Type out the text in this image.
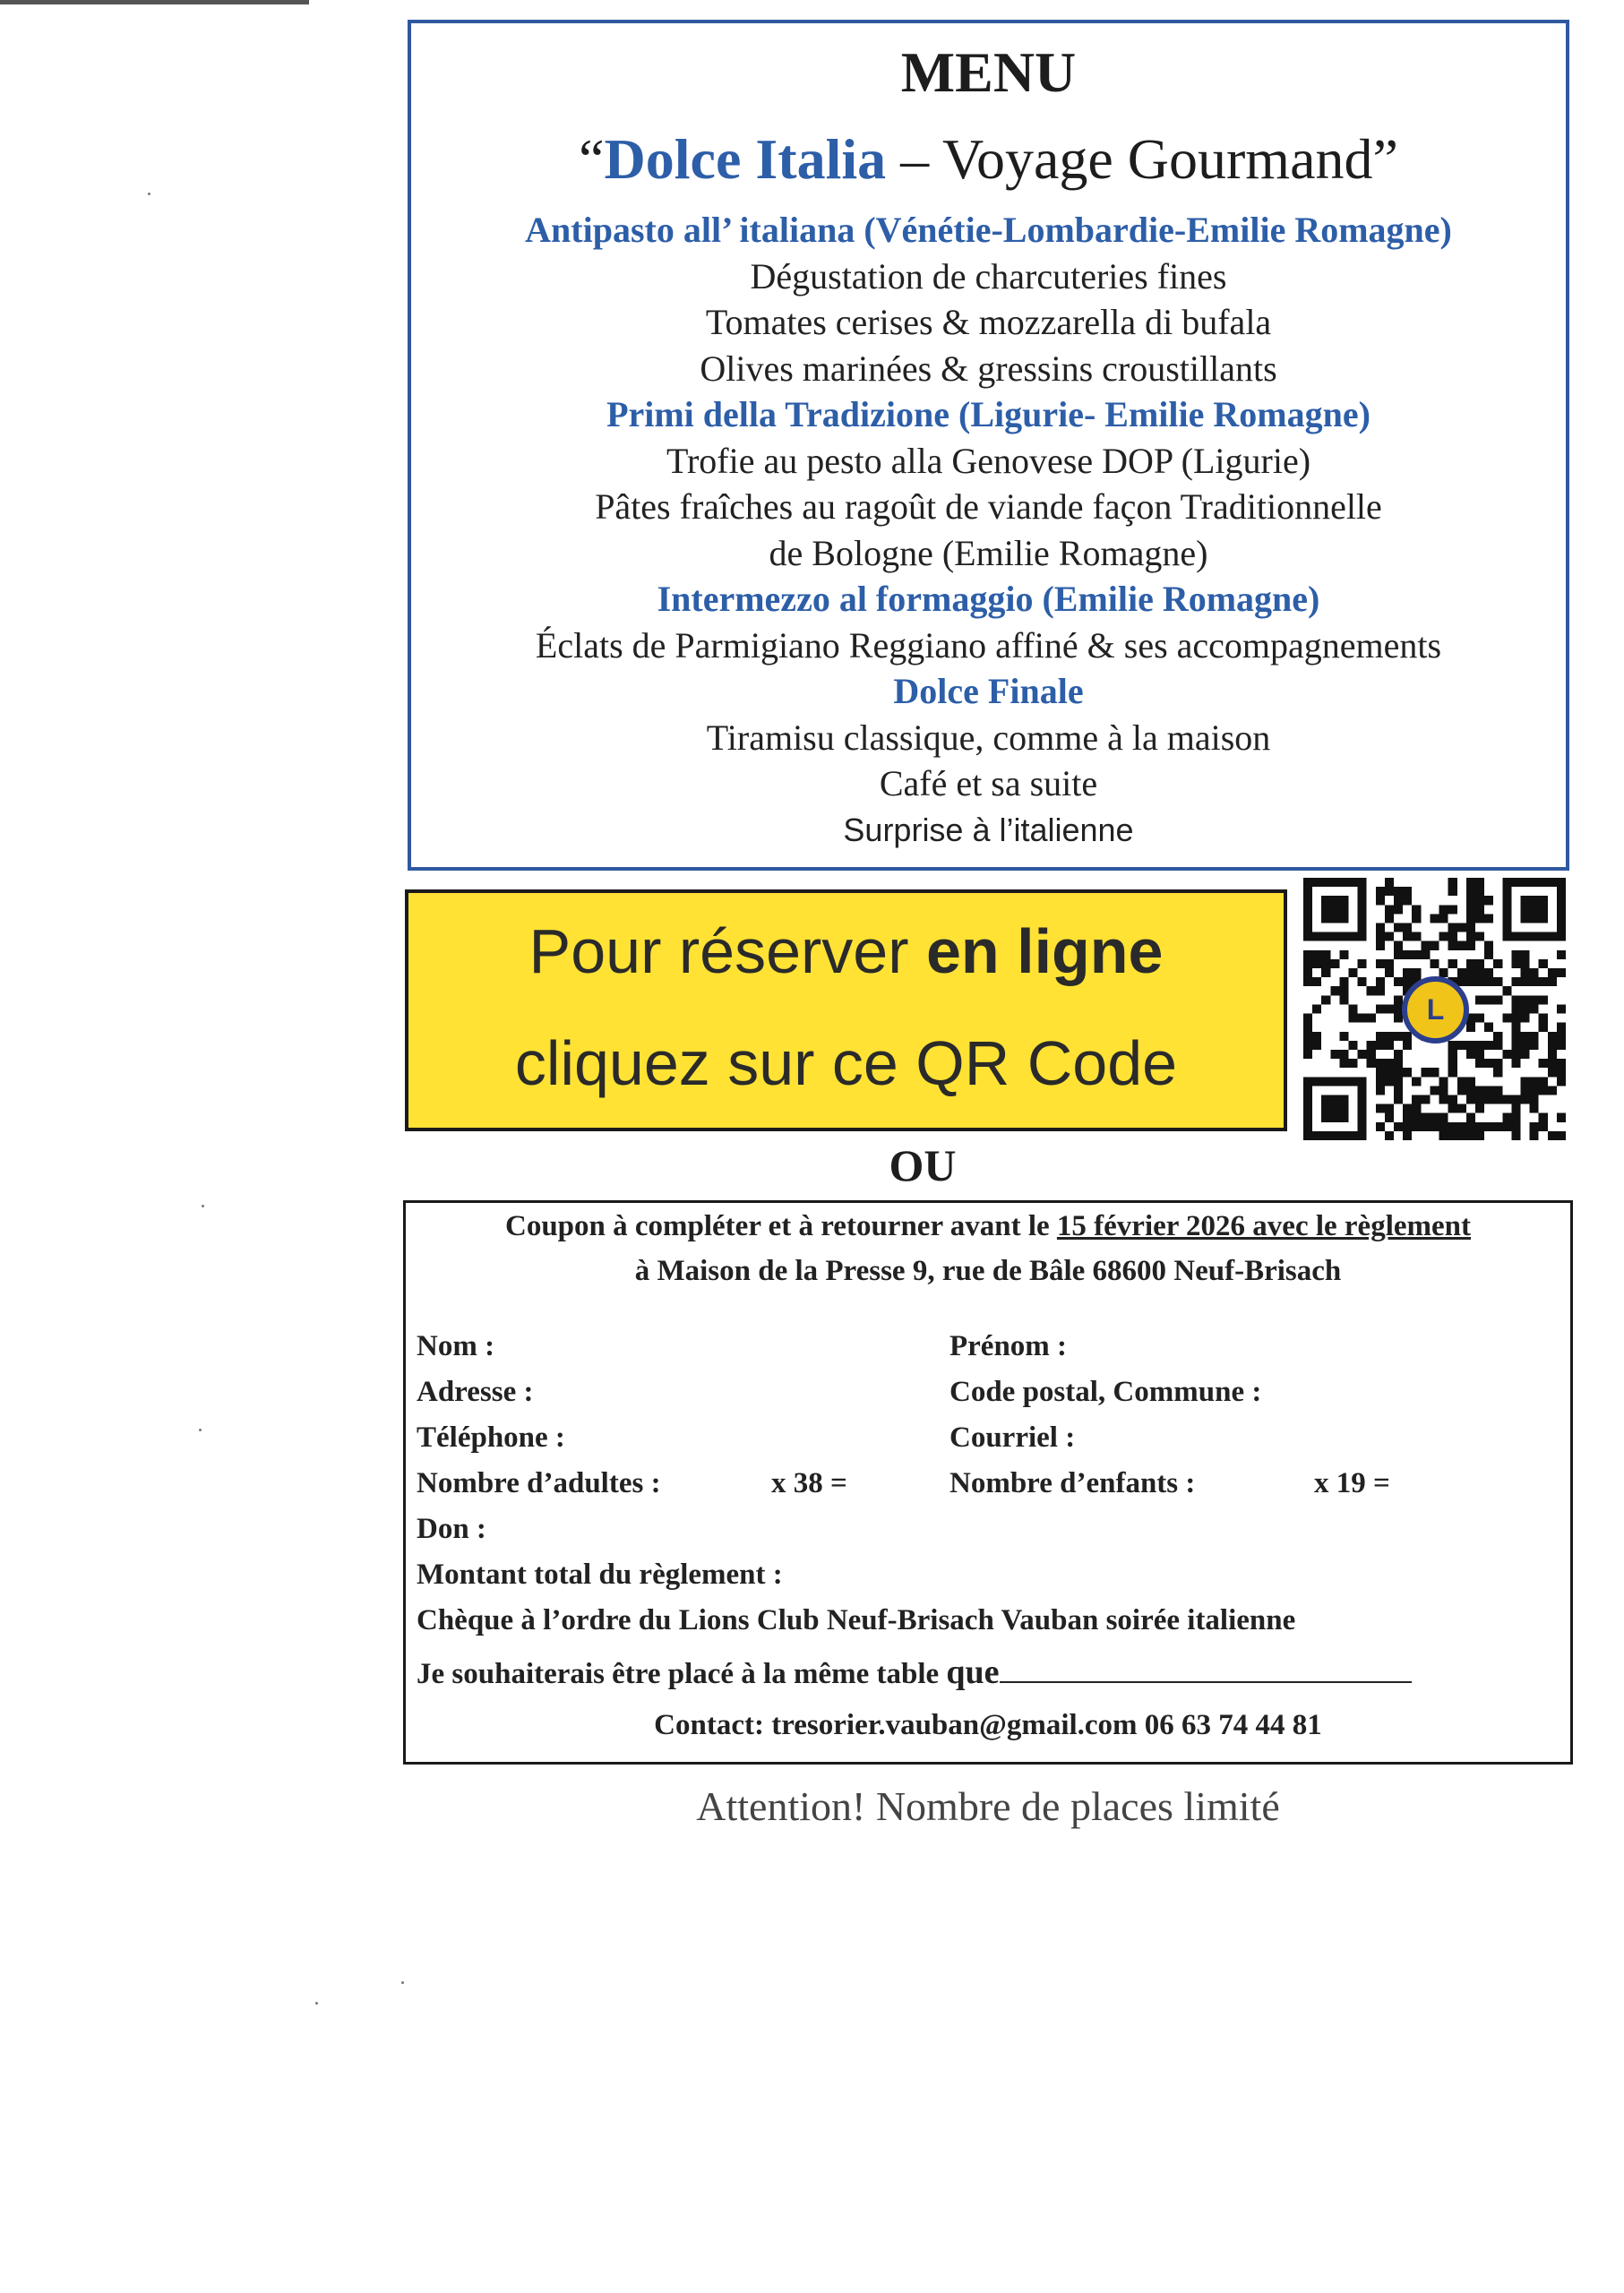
MENU
“Dolce Italia – Voyage Gourmand”
Antipasto all’ italiana (Vénétie-Lombardie-Emilie Romagne)
Dégustation de charcuteries fines
Tomates cerises & mozzarella di bufala
Olives marinées & gressins croustillants
Primi della Tradizione (Ligurie- Emilie Romagne)
Trofie au pesto alla Genovese DOP (Ligurie)
Pâtes fraîches au ragoût de viande façon Traditionnelle
de Bologne (Emilie Romagne)
Intermezzo al formaggio (Emilie Romagne)
Éclats de Parmigiano Reggiano affiné & ses accompagnements
Dolce Finale
Tiramisu classique, comme à la maison
Café et sa suite
Surprise à l’italienne
Pour réserver en ligne
cliquez sur ce QR Code
L
OU
Coupon à compléter et à retourner avant le 15 février 2026 avec le règlement
à Maison de la Presse 9, rue de Bâle 68600 Neuf-Brisach
Nom :	Prénom :
Adresse :	Code postal, Commune :
Téléphone :	Courriel :
Nombre d’adultes :	x 38 =	Nombre d’enfants :	x 19 =
Don :
Montant total du règlement :
Chèque à l’ordre du Lions Club Neuf-Brisach Vauban soirée italienne
Je souhaiterais être placé à la même table que
Contact: tresorier.vauban@gmail.com 06 63 74 44 81
Attention! Nombre de places limité
